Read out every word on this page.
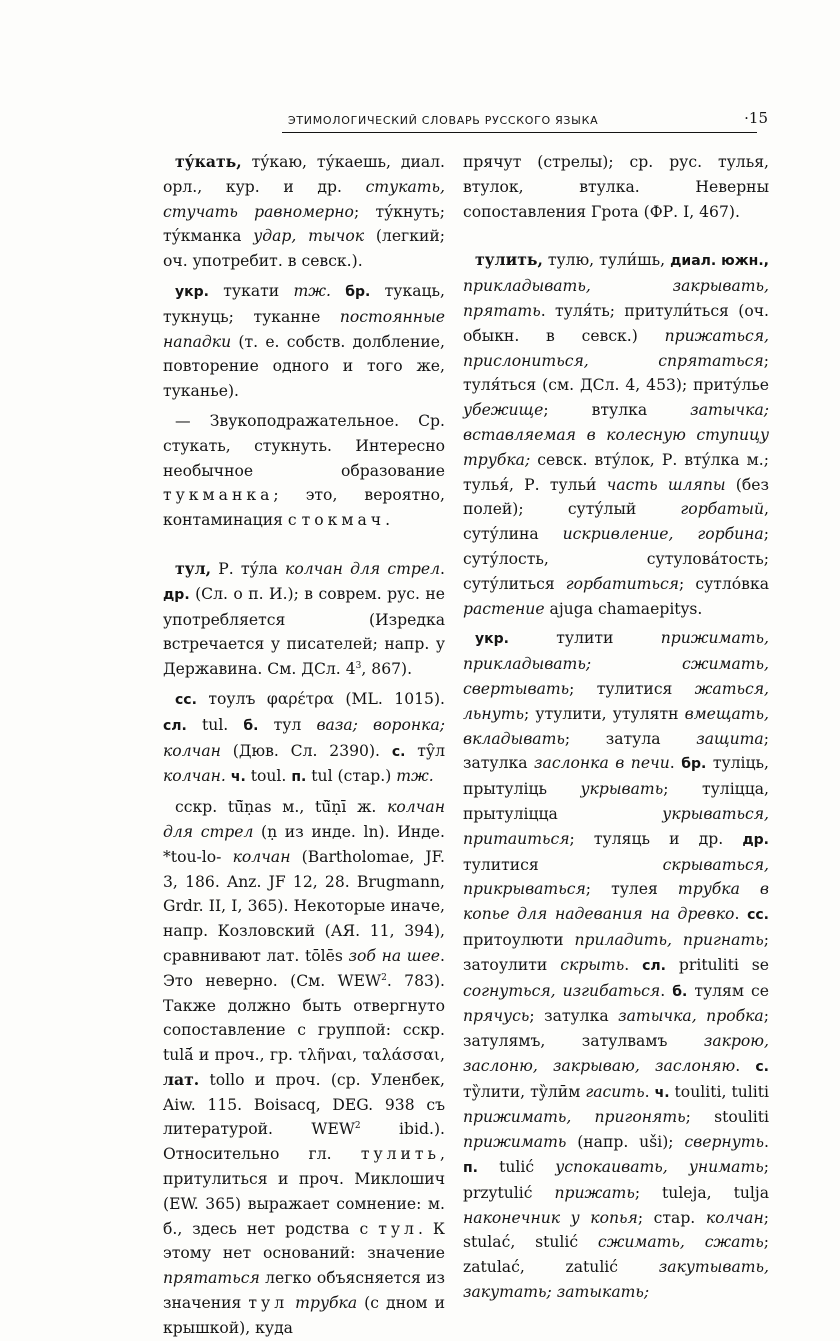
ЭТИМОЛОГИЧЕСКИЙ СЛОВАРЬ РУССКОГО ЯЗЫКА	·15

ту́кать, ту́каю, ту́каешь, диал. орл., кур. и др. стукать, стучать равномерно; ту́кнуть; ту́кманка удар, тычок (легкий; оч. употребит. в севск.).

укр. тукати тж. бр. тукаць, тукнуць; туканне постоянные нападки (т. е. собств. долбление, повторение одного и того же, туканье).

— Звукоподражательное. Ср. стукать, стукнуть. Интересно необычное образование тукманка; это, вероятно, контаминация с токмач.

тул, Р. ту́ла колчан для стрел. др. (Сл. о п. И.); в соврем. рус. не употребляется (Изредка встречается у писателей; напр. у Державина. См. ДСл. $4^3$, 867).

сс. тоулъ φαρέτρα (ML. 1015). сл. tul. б. тул ваза; воронка; колчан (Дюв. Сл. 2390). с. ту̑л колчан. ч. toul. п. tul (стар.) тж.

сскр. tū̃ṇas м., tū̃ṇī ж. колчан для стрел (ṇ из инде. ln). Инде. *tou-lo- колчан (Bartholomae, JF. 3, 186. Anz. JF 12, 28. Brugmann, Grdr. II, I, 365). Некоторые иначе, напр. Козловский (АЯ. 11, 394), сравнивают лат. tōlēs зоб на шее. Это неверно. (См. WEW$^2$. 783). Также должно быть отвергнуто сопоставление с группой: сскр. tulā́ и проч., гр. τλῆναι, ταλάσσαι, лат. tollo и проч. (ср. Уленбек, Aiw. 115. Boisacq, DEG. 938 съ литературой. WEW$^2$ ibid.). Относительно гл. тулить, притулиться и проч. Миклошич (EW. 365) выражает сомнение: м. б., здесь нет родства с тул. К этому нет оснований: значение прятаться легко объясняется из значения тул трубка (с дном и крышкой), куда

прячут (стрелы); ср. рус. тулья, втулок, втулка. Неверны сопоставления Грота (ФР. I, 467).

тулить, тулю, тули́шь, диал. южн., прикладывать, закрывать, прятать. туля́ть; притули́ться (оч. обыкн. в севск.) прижаться, прислониться, спрятаться; туля́ться (см. ДСл. 4, 453); притýлье убежище; втулка затычка; вставляемая в колесную ступицу трубка; севск. втýлок, Р. втýлка м.; тулья́, Р. тульи́ часть шляпы (без полей); суту́лый горбатый, суту́лина искривление, горбина; суту́лость, сутулова́тость; суту́литься горбатиться; сутло́вка растение ajuga chamaepitys.

укр. тулити прижимать, прикладывать; сжимать, свертывать; тулитися жаться, льнуть; утулити, утулятн вмещать, вкладывать; затула защита; затулка заслонка в печи. бр. туліць, прытуліць укрывать; туліцца, прытуліцца укрываться, притаиться; туляць и др. др. тулитися скрываться, прикрываться; тулея трубка в копье для надевания на древко. сс. притоулюти приладить, пригнать; затоулити скрыть. сл. prituliti se согнуться, изгибаться. б. тулям се прячусь; затулка затычка, пробка; затулямъ, затулвамъ закрою, заслоню, закрываю, заслоняю. с. ту̏лити, ту̏лӣм гасить. ч. touliti, tuliti прижимать, пригонять; stouliti прижимать (напр. uši); свернуть. п. tulić успокаивать, унимать; przytulić прижать; tuleja, tulja наконечник у копья; стар. колчан; stulać, stulić сжимать, сжать; zatulać, zatulić закутывать, закутать; затыкать;
